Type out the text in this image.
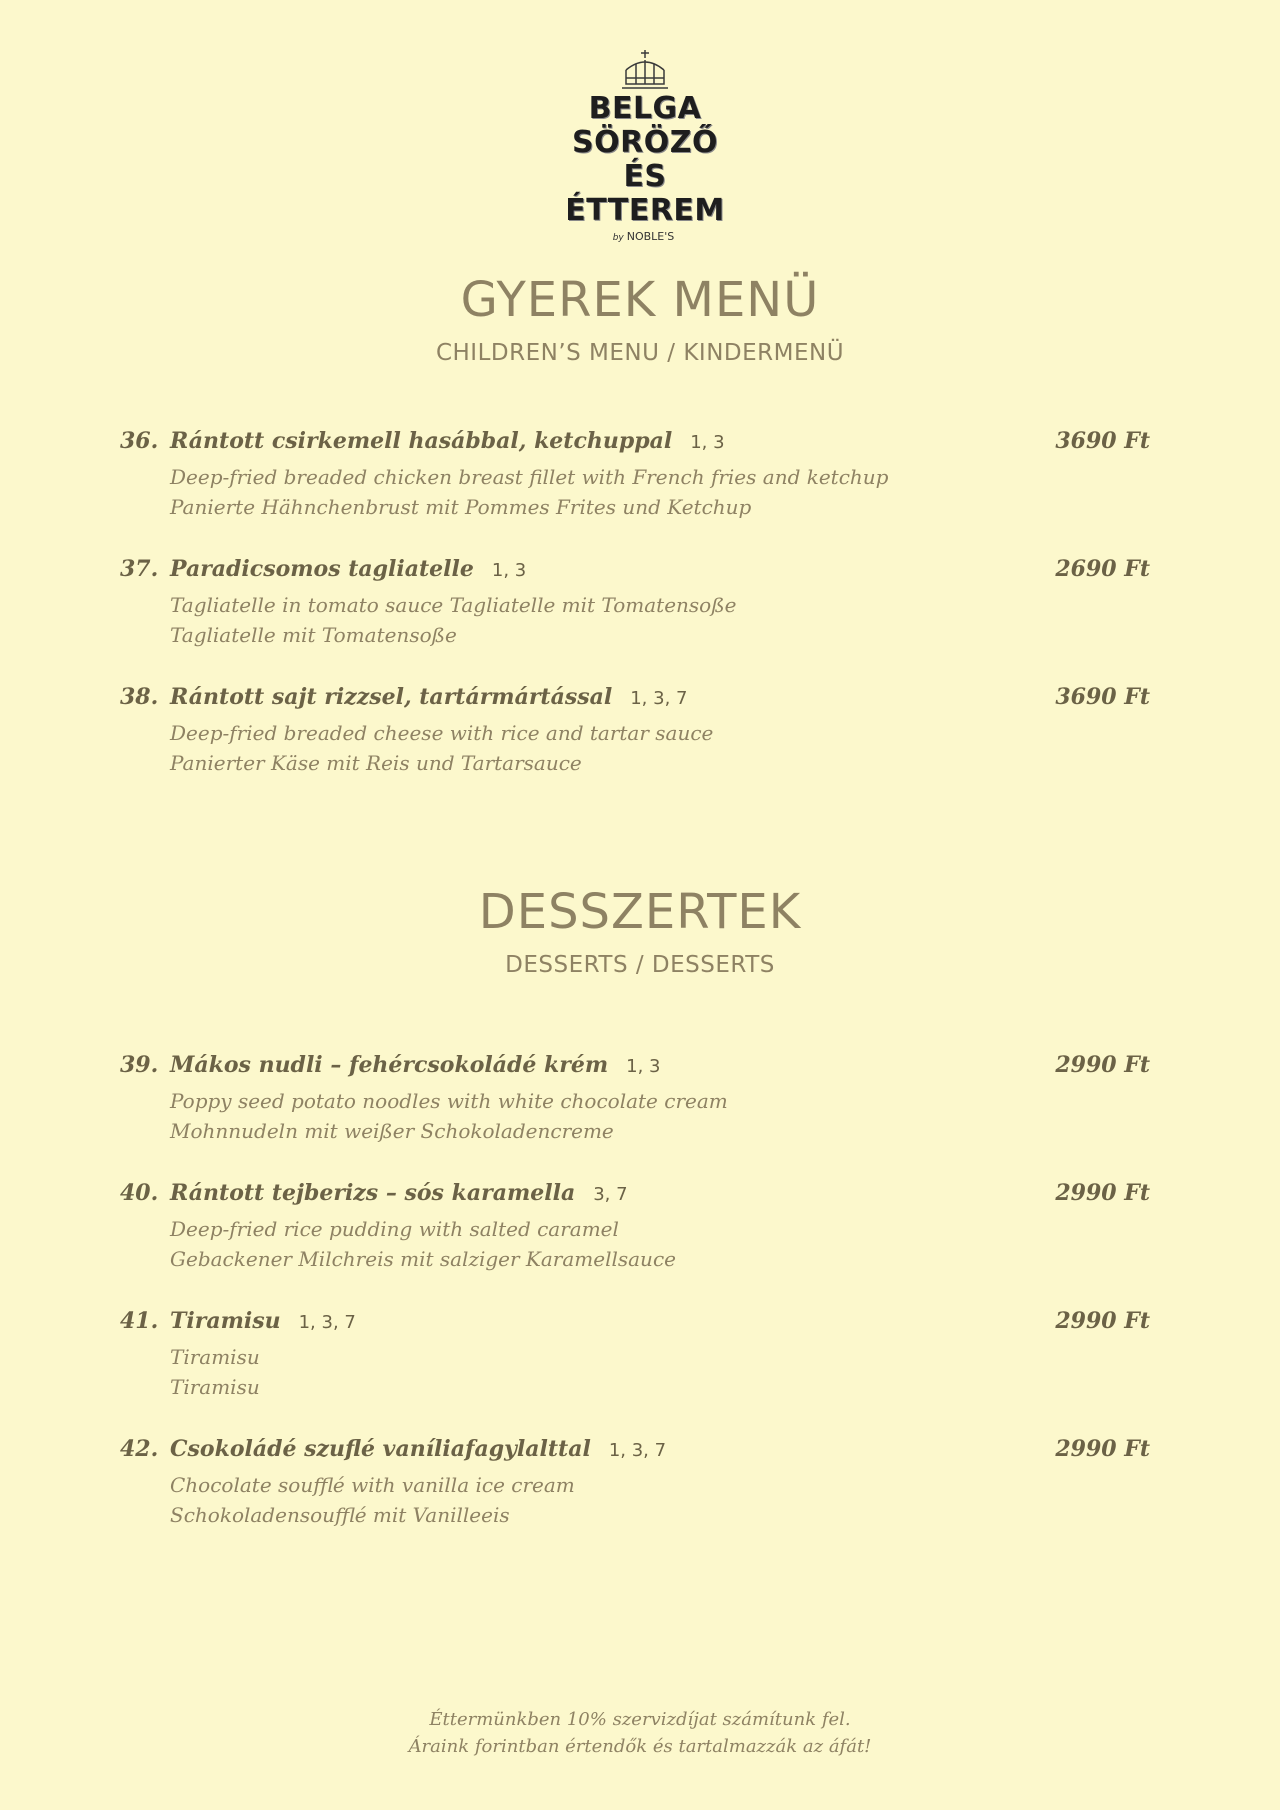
BELGA
SÖRÖZŐ ÉS
ÉTTEREM
by NOBLE'S
GYEREK MENÜ
CHILDREN’S MENU / KINDERMENÜ
36. Rántott csirkemell hasábbal, ketchuppal 1, 3	3690 Ft
Deep-fried breaded chicken breast fillet with French fries and ketchup
Panierte Hähnchenbrust mit Pommes Frites und Ketchup
37. Paradicsomos tagliatelle 1, 3	2690 Ft
Tagliatelle in tomato sauce Tagliatelle mit Tomatensoße
Tagliatelle mit Tomatensoße
38. Rántott sajt rizzsel, tartármártással 1, 3, 7	3690 Ft
Deep-fried breaded cheese with rice and tartar sauce
Panierter Käse mit Reis und Tartarsauce
DESSZERTEK
DESSERTS / DESSERTS
39. Mákos nudli – fehércsokoládé krém 1, 3	2990 Ft
Poppy seed potato noodles with white chocolate cream
Mohnnudeln mit weißer Schokoladencreme
40. Rántott tejberizs – sós karamella 3, 7	2990 Ft
Deep-fried rice pudding with salted caramel
Gebackener Milchreis mit salziger Karamellsauce
41. Tiramisu 1, 3, 7	2990 Ft
Tiramisu
Tiramisu
42. Csokoládé szuflé vaníliafagylalttal 1, 3, 7	2990 Ft
Chocolate soufflé with vanilla ice cream
Schokoladensoufflé mit Vanilleeis
Éttermünkben 10% szervizdíjat számítunk fel.
Áraink forintban értendők és tartalmazzák az áfát!
